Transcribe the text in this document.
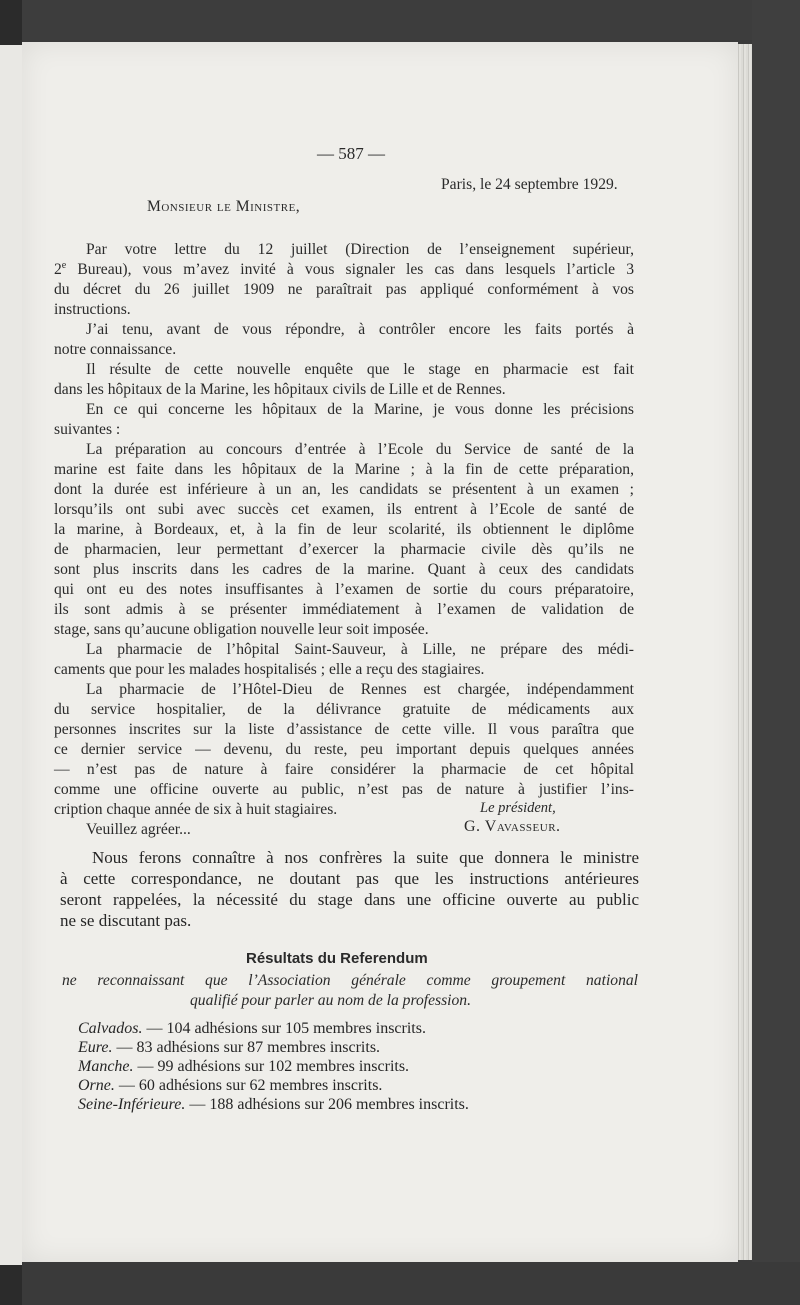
— 587 —
Paris, le 24 septembre 1929.
Monsieur le Ministre,
Par votre lettre du 12 juillet (Direction de l’enseignement supérieur,
2e Bureau), vous m’avez invité à vous signaler les cas dans lesquels l’article 3
du décret du 26 juillet 1909 ne paraîtrait pas appliqué conformément à vos
instructions.
J’ai tenu, avant de vous répondre, à contrôler encore les faits portés à
notre connaissance.
Il résulte de cette nouvelle enquête que le stage en pharmacie est fait
dans les hôpitaux de la Marine, les hôpitaux civils de Lille et de Rennes.
En ce qui concerne les hôpitaux de la Marine, je vous donne les précisions
suivantes :
La préparation au concours d’entrée à l’Ecole du Service de santé de la
marine est faite dans les hôpitaux de la Marine ; à la fin de cette préparation,
dont la durée est inférieure à un an, les candidats se présentent à un examen ;
lorsqu’ils ont subi avec succès cet examen, ils entrent à l’Ecole de santé de
la marine, à Bordeaux, et, à la fin de leur scolarité, ils obtiennent le diplôme
de pharmacien, leur permettant d’exercer la pharmacie civile dès qu’ils ne
sont plus inscrits dans les cadres de la marine. Quant à ceux des candidats
qui ont eu des notes insuffisantes à l’examen de sortie du cours préparatoire,
ils sont admis à se présenter immédiatement à l’examen de validation de
stage, sans qu’aucune obligation nouvelle leur soit imposée.
La pharmacie de l’hôpital Saint-Sauveur, à Lille, ne prépare des médi-
caments que pour les malades hospitalisés ; elle a reçu des stagiaires.
La pharmacie de l’Hôtel-Dieu de Rennes est chargée, indépendamment
du service hospitalier, de la délivrance gratuite de médicaments aux
personnes inscrites sur la liste d’assistance de cette ville. Il vous paraîtra que
ce dernier service — devenu, du reste, peu important depuis quelques années
— n’est pas de nature à faire considérer la pharmacie de cet hôpital
comme une officine ouverte au public, n’est pas de nature à justifier l’ins-
cription chaque année de six à huit stagiaires.
Veuillez agréer...
Le président,
G. Vavasseur.
Nous ferons connaître à nos confrères la suite que donnera le ministre
à cette correspondance, ne doutant pas que les instructions antérieures
seront rappelées, la nécessité du stage dans une officine ouverte au public
ne se discutant pas.
Résultats du Referendum
ne reconnaissant que l’Association générale comme groupement national
qualifié pour parler au nom de la profession.
Calvados. — 104 adhésions sur 105 membres inscrits.
Eure. — 83 adhésions sur 87 membres inscrits.
Manche. — 99 adhésions sur 102 membres inscrits.
Orne. — 60 adhésions sur 62 membres inscrits.
Seine-Inférieure. — 188 adhésions sur 206 membres inscrits.
